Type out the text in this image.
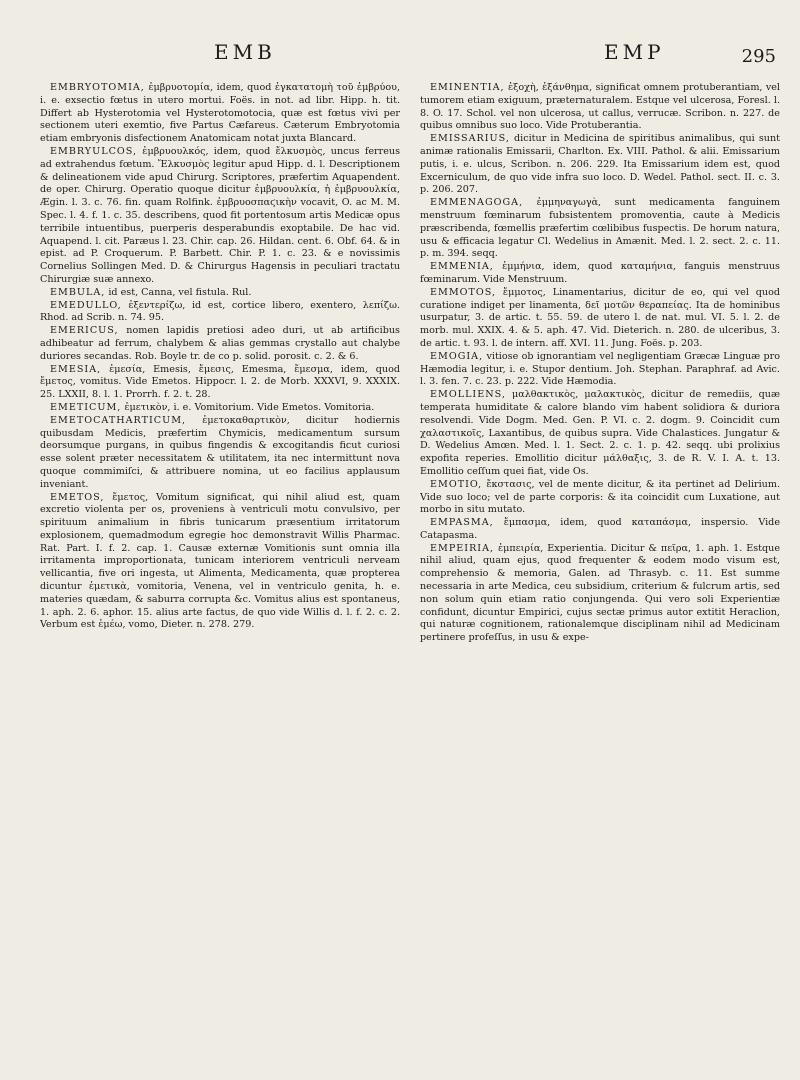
EMB	EMP	295

EMBRYOTOMIA, ἐμβρυοτομία, idem, quod ἐγκατατομὴ τοῦ ἐμβρύου, i. e. exsectio fœtus in utero mortui. Foës. in not. ad libr. Hipp. h. tit. Differt ab Hysterotomia vel Hysterotomotocia, quæ est fœtus vivi per sectionem uteri exemtio, five Partus Cæfareus. Cæterum Embryotomia etiam embryonis disfectionem Anatomicam notat juxta Blancard.

EMBRYULCOS, ἐμβρυουλκός, idem, quod ἔλκυσμὸς, uncus ferreus ad extrahendus fœtum. Ἔλκυσμὸς legitur apud Hipp. d. l. Descriptionem & delineationem vide apud Chirurg. Scriptores, præfertim Aquapendent. de oper. Chirurg. Operatio quoque dicitur ἐμβρυουλκία, ἡ ἐμβρυουλκία, Ægin. l. 3. c. 76. fin. quam Rolfink. ἐμβρυοσπαϛικὴν vocavit, O. ac M. M. Spec. l. 4. f. 1. c. 35. describens, quod fit portentosum artis Medicæ opus terribile intuentibus, puerperis desperabundis exoptabile. De hac vid. Aquapend. l. cit. Paræus l. 23. Chir. cap. 26. Hildan. cent. 6. Obf. 64. & in epist. ad P. Croquerum. P. Barbett. Chir. P. 1. c. 23. & e novissimis Cornelius Sollingen Med. D. & Chirurgus Hagensis in peculiari tractatu Chirurgiæ suæ annexo.

EMBULA, id est, Canna, vel fistula. Rul.

EMEDULLO, ἐξεντερίζω, id est, cortice libero, exentero, λεπίζω. Rhod. ad Scrib. n. 74. 95.

EMERICUS, nomen lapidis pretiosi adeo duri, ut ab artificibus adhibeatur ad ferrum, chalybem & alias gemmas crystallo aut chalybe duriores secandas. Rob. Boyle tr. de co p. solid. porosit. c. 2. & 6.

EMESIA, ἐμεσία, Emesis, ἔμεσις, Emesma, ἔμεσμα, idem, quod ἔμετος, vomitus. Vide Emetos. Hippocr. l. 2. de Morb. XXXVI, 9. XXXIX. 25. LXXII, 8. l. 1. Prorrh. f. 2. t. 28.

EMETICUM, ἐμετικὸν, i. e. Vomitorium. Vide Emetos. Vomitoria.

EMETOCATHARTICUM, ἐμετοκαθαρτικὸν, dicitur hodiernis quibusdam Medicis, præfertim Chymicis, medicamentum sursum deorsumque purgans, in quibus fingendis & excogitandis ficut curiosi esse solent præter necessitatem & utilitatem, ita nec intermittunt nova quoque commimiſci, & attribuere nomina, ut eo facilius applausum inveniant.

EMETOS, ἔμετος, Vomitum significat, qui nihil aliud est, quam excretio violenta per os, proveniens à ventriculi motu convulsivo, per spirituum animalium in fibris tunicarum præsentium irritatorum explosionem, quemadmodum egregie hoc demonstravit Willis Pharmac. Rat. Part. I. f. 2. cap. 1. Causæ externæ Vomitionis sunt omnia illa irritamenta improportionata, tunicam interiorem ventriculi nerveam vellicantia, five ori ingesta, ut Alimenta, Medicamenta, quæ propterea dicuntur ἐμετικὰ, vomitoria, Venena, vel in ventriculo genita, h. e. materies quædam, & saburra corrupta &c. Vomitus alius est spontaneus, 1. aph. 2. 6. aphor. 15. alius arte factus, de quo vide Willis d. l. f. 2. c. 2. Verbum est ἐμέω, vomo, Dieter. n. 278. 279.

EMINENTIA, ἐξοχὴ, ἐξάνθημα, significat omnem protuberantiam, vel tumorem etiam exiguum, præternaturalem. Estque vel ulcerosa, Foresl. l. 8. O. 17. Schol. vel non ulcerosa, ut callus, verrucæ. Scribon. n. 227. de quibus omnibus suo loco. Vide Protuberantia.

EMISSARIUS, dicitur in Medicina de spiritibus animalibus, qui sunt animæ rationalis Emissarii, Charlton. Ex. VIII. Pathol. & alii. Emissarium putis, i. e. ulcus, Scribon. n. 206. 229. Ita Emissarium idem est, quod Excerniculum, de quo vide infra suo loco. D. Wedel. Pathol. sect. II. c. 3. p. 206. 207.

EMMENAGOGA, ἐμμηναγωγὰ, sunt medicamenta fanguinem menstruum fœminarum fubsistentem promoventia, caute à Medicis præscribenda, fœmellis præfertim cœlibibus fuspectis. De horum natura, usu & efficacia legatur Cl. Wedelius in Amænit. Med. l. 2. sect. 2. c. 11. p. m. 394. seqq.

EMMENIA, ἐμμήνια, idem, quod καταμήνια, fanguis menstruus fœminarum. Vide Menstruum.

EMMOTOS, ἔμμοτος, Linamentarius, dicitur de eo, qui vel quod curatione indiget per linamenta, δεῖ μοτῶν θεραπείας. Ita de hominibus usurpatur, 3. de artic. t. 55. 59. de utero l. de nat. mul. VI. 5. l. 2. de morb. mul. XXIX. 4. & 5. aph. 47. Vid. Dieterich. n. 280. de ulceribus, 3. de artic. t. 93. l. de intern. aff. XVI. 11. Jung. Foës. p. 203.

EMOGIA, vitiose ob ignorantiam vel negligentiam Græcæ Linguæ pro Hæmodia legitur, i. e. Stupor dentium. Joh. Stephan. Paraphraf. ad Avic. l. 3. fen. 7. c. 23. p. 222. Vide Hæmodia.

EMOLLIENS, μαλθακτικὸς, μαλακτικὸς, dicitur de remediis, quæ temperata humiditate & calore blando vim habent solidiora & duriora resolvendi. Vide Dogm. Med. Gen. P. VI. c. 2. dogm. 9. Coincidit cum χαλαστικοῖς, Laxantibus, de quibus supra. Vide Chalastices. Jungatur & D. Wedelius Amœn. Med. l. 1. Sect. 2. c. 1. p. 42. seqq. ubi prolixius expofita reperies. Emollitio dicitur μάλθαξις, 3. de R. V. I. A. t. 13. Emollitio ceſſum quei fiat, vide Os.

EMOTIO, ἔκστασις, vel de mente dicitur, & ita pertinet ad Delirium. Vide suo loco; vel de parte corporis: & ita coincidit cum Luxatione, aut morbo in situ mutato.

EMPASMA, ἔμπασμα, idem, quod καταπάσμα, inspersio. Vide Catapasma.

EMPEIRIA, ἐμπειρία, Experientia. Dicitur & πεῖρα, 1. aph. 1. Estque nihil aliud, quam ejus, quod frequenter & eodem modo visum est, comprehensio & memoria, Galen. ad Thrasyb. c. 11. Est summe necessaria in arte Medica, ceu subsidium, criterium & fulcrum artis, sed non solum quin etiam ratio conjungenda. Qui vero soli Experientiæ confidunt, dicuntur Empirici, cujus sectæ primus autor extitit Heraclion, qui naturæ cognitionem, rationalemque disciplinam nihil ad Medicinam pertinere profeſſus, in usu & expe-
